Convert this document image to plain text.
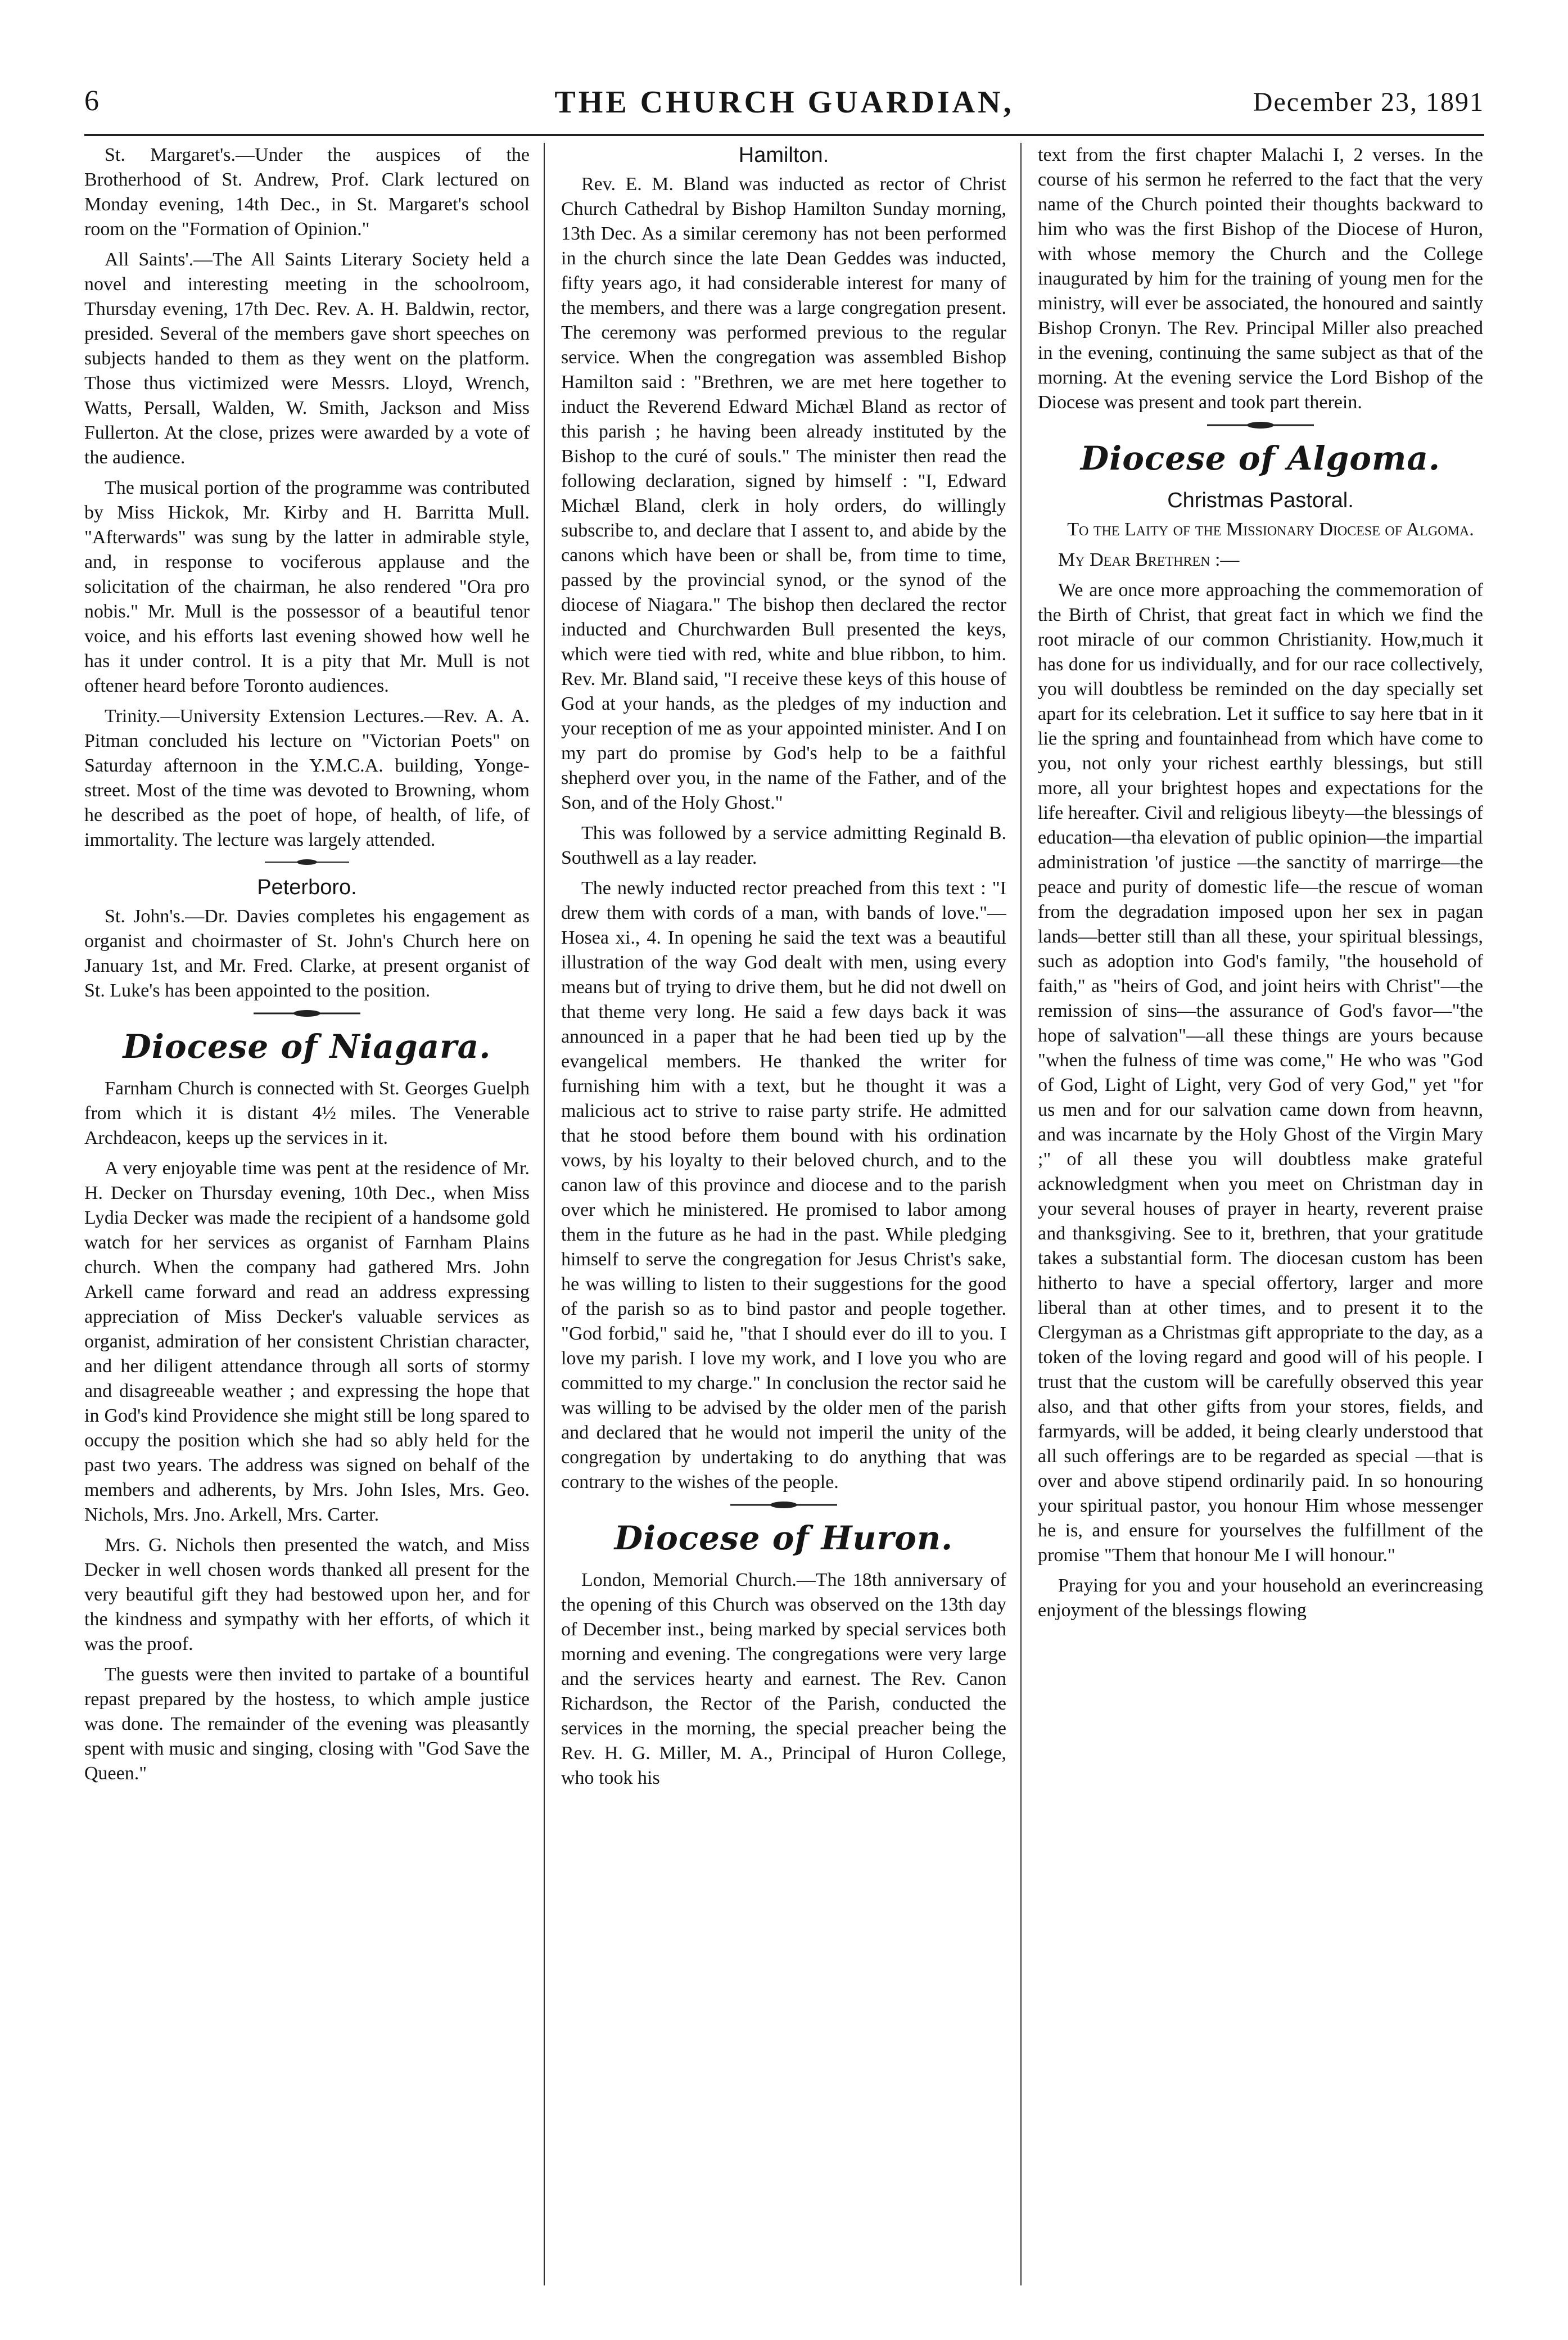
6	THE CHURCH GUARDIAN,	December 23, 1891

St. Margaret's.—Under the auspices of the Brotherhood of St. Andrew, Prof. Clark lectured on Monday evening, 14th Dec., in St. Margaret's school room on the "Formation of Opinion."

All Saints'.—The All Saints Literary Society held a novel and interesting meeting in the schoolroom, Thursday evening, 17th Dec. Rev. A. H. Baldwin, rector, presided. Several of the members gave short speeches on subjects handed to them as they went on the platform. Those thus victimized were Messrs. Lloyd, Wrench, Watts, Persall, Walden, W. Smith, Jackson and Miss Fullerton. At the close, prizes were awarded by a vote of the audience.

The musical portion of the programme was contributed by Miss Hickok, Mr. Kirby and H. Barritta Mull. "Afterwards" was sung by the latter in admirable style, and, in response to vociferous applause and the solicitation of the chairman, he also rendered "Ora pro nobis." Mr. Mull is the possessor of a beautiful tenor voice, and his efforts last evening showed how well he has it under control. It is a pity that Mr. Mull is not oftener heard before Toronto audiences.

Trinity.—University Extension Lectures.—Rev. A. A. Pitman concluded his lecture on "Victorian Poets" on Saturday afternoon in the Y.M.C.A. building, Yonge-street. Most of the time was devoted to Browning, whom he described as the poet of hope, of health, of life, of immortality. The lecture was largely attended.

Peterboro.

St. John's.—Dr. Davies completes his engagement as organist and choirmaster of St. John's Church here on January 1st, and Mr. Fred. Clarke, at present organist of St. Luke's has been appointed to the position.

Diocese of Niagara.

Farnham Church is connected with St. Georges Guelph from which it is distant 4½ miles. The Venerable Archdeacon, keeps up the services in it.

A very enjoyable time was pent at the residence of Mr. H. Decker on Thursday evening, 10th Dec., when Miss Lydia Decker was made the recipient of a handsome gold watch for her services as organist of Farnham Plains church. When the company had gathered Mrs. John Arkell came forward and read an address expressing appreciation of Miss Decker's valuable services as organist, admiration of her consistent Christian character, and her diligent attendance through all sorts of stormy and disagreeable weather ; and expressing the hope that in God's kind Providence she might still be long spared to occupy the position which she had so ably held for the past two years. The address was signed on behalf of the members and adherents, by Mrs. John Isles, Mrs. Geo. Nichols, Mrs. Jno. Arkell, Mrs. Carter.

Mrs. G. Nichols then presented the watch, and Miss Decker in well chosen words thanked all present for the very beautiful gift they had bestowed upon her, and for the kindness and sympathy with her efforts, of which it was the proof.

The guests were then invited to partake of a bountiful repast prepared by the hostess, to which ample justice was done. The remainder of the evening was pleasantly spent with music and singing, closing with "God Save the Queen."

Hamilton.

Rev. E. M. Bland was inducted as rector of Christ Church Cathedral by Bishop Hamilton Sunday morning, 13th Dec. As a similar ceremony has not been performed in the church since the late Dean Geddes was inducted, fifty years ago, it had considerable interest for many of the members, and there was a large congregation present. The ceremony was performed previous to the regular service. When the congregation was assembled Bishop Hamilton said : "Brethren, we are met here together to induct the Reverend Edward Michæl Bland as rector of this parish ; he having been already instituted by the Bishop to the curé of souls." The minister then read the following declaration, signed by himself : "I, Edward Michæl Bland, clerk in holy orders, do willingly subscribe to, and declare that I assent to, and abide by the canons which have been or shall be, from time to time, passed by the provincial synod, or the synod of the diocese of Niagara." The bishop then declared the rector inducted and Churchwarden Bull presented the keys, which were tied with red, white and blue ribbon, to him. Rev. Mr. Bland said, "I receive these keys of this house of God at your hands, as the pledges of my induction and your reception of me as your appointed minister. And I on my part do promise by God's help to be a faithful shepherd over you, in the name of the Father, and of the Son, and of the Holy Ghost."

This was followed by a service admitting Reginald B. Southwell as a lay reader.

The newly inducted rector preached from this text : "I drew them with cords of a man, with bands of love."—Hosea xi., 4. In opening he said the text was a beautiful illustration of the way God dealt with men, using every means but of trying to drive them, but he did not dwell on that theme very long. He said a few days back it was announced in a paper that he had been tied up by the evangelical members. He thanked the writer for furnishing him with a text, but he thought it was a malicious act to strive to raise party strife. He admitted that he stood before them bound with his ordination vows, by his loyalty to their beloved church, and to the canon law of this province and diocese and to the parish over which he ministered. He promised to labor among them in the future as he had in the past. While pledging himself to serve the congregation for Jesus Christ's sake, he was willing to listen to their suggestions for the good of the parish so as to bind pastor and people together. "God forbid," said he, "that I should ever do ill to you. I love my parish. I love my work, and I love you who are committed to my charge." In conclusion the rector said he was willing to be advised by the older men of the parish and declared that he would not imperil the unity of the congregation by undertaking to do anything that was contrary to the wishes of the people.

Diocese of Huron.

London, Memorial Church.—The 18th anniversary of the opening of this Church was observed on the 13th day of December inst., being marked by special services both morning and evening. The congregations were very large and the services hearty and earnest. The Rev. Canon Richardson, the Rector of the Parish, conducted the services in the morning, the special preacher being the Rev. H. G. Miller, M. A., Principal of Huron College, who took his

text from the first chapter Malachi I, 2 verses. In the course of his sermon he referred to the fact that the very name of the Church pointed their thoughts backward to him who was the first Bishop of the Diocese of Huron, with whose memory the Church and the College inaugurated by him for the training of young men for the ministry, will ever be associated, the honoured and saintly Bishop Cronyn. The Rev. Principal Miller also preached in the evening, continuing the same subject as that of the morning. At the evening service the Lord Bishop of the Diocese was present and took part therein.

Diocese of Algoma.
Christmas Pastoral.

To the Laity of the Missionary Diocese of Algoma.

My Dear Brethren :—

We are once more approaching the commemoration of the Birth of Christ, that great fact in which we find the root miracle of our common Christianity. How,much it has done for us individually, and for our race collectively, you will doubtless be reminded on the day specially set apart for its celebration. Let it suffice to say here tbat in it lie the spring and fountainhead from which have come to you, not only your richest earthly blessings, but still more, all your brightest hopes and expectations for the life hereafter. Civil and religious libeyty—the blessings of education—tha elevation of public opinion—the impartial administration 'of justice —the sanctity of marrirge—the peace and purity of domestic life—the rescue of woman from the degradation imposed upon her sex in pagan lands—better still than all these, your spiritual blessings, such as adoption into God's family, "the household of faith," as "heirs of God, and joint heirs with Christ"—the remission of sins—the assurance of God's favor—"the hope of salvation"—all these things are yours because "when the fulness of time was come," He who was "God of God, Light of Light, very God of very God," yet "for us men and for our salvation came down from heavnn, and was incarnate by the Holy Ghost of the Virgin Mary ;" of all these you will doubtless make grateful acknowledgment when you meet on Christman day in your several houses of prayer in hearty, reverent praise and thanksgiving. See to it, brethren, that your gratitude takes a substantial form. The diocesan custom has been hitherto to have a special offertory, larger and more liberal than at other times, and to present it to the Clergyman as a Christmas gift appropriate to the day, as a token of the loving regard and good will of his people. I trust that the custom will be carefully observed this year also, and that other gifts from your stores, fields, and farmyards, will be added, it being clearly understood that all such offerings are to be regarded as special —that is over and above stipend ordinarily paid. In so honouring your spiritual pastor, you honour Him whose messenger he is, and ensure for yourselves the fulfillment of the promise "Them that honour Me I will honour."

Praying for you and your household an everincreasing enjoyment of the blessings flowing
